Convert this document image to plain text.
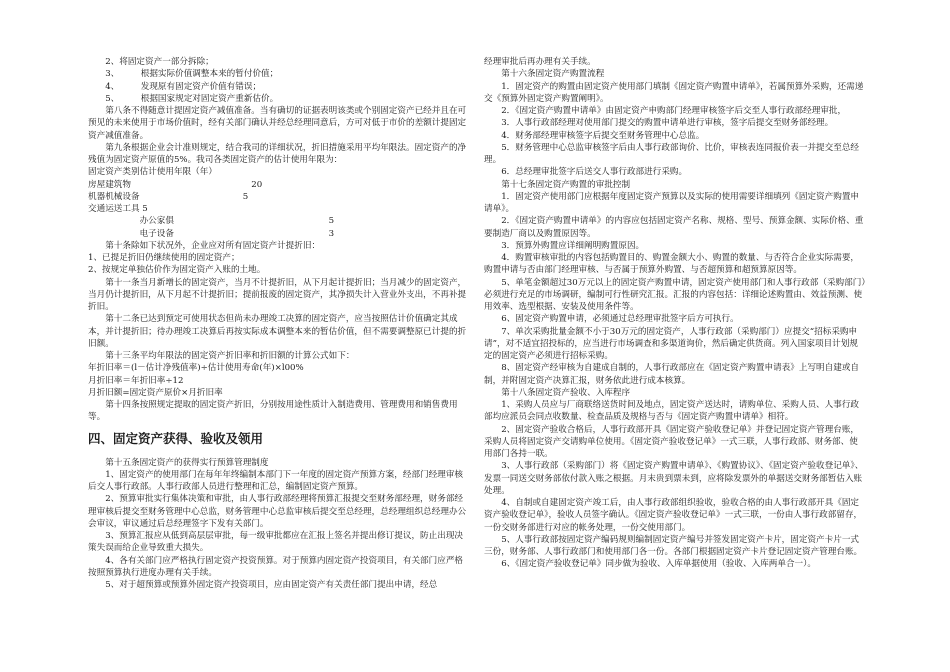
　　2、将固定资产一部分拆除；

　　3、　　　根据实际价值调整本来的暂付价值；

　　4、　　　发现原有固定资产价值有错误；

　　5、　　　根据国家规定对固定资产重新估价。

　　第八条不得随意计提固定资产减值准备。当有确切的证据表明该类或个别固定资产已经并且在可预见的未来使用于市场价值时，经有关部门确认并经总经理同意后，方可对低于市价的差额计提固定资产减值准备。

　　第九条根据企业会计准则规定，结合我司的详细状况，折旧措施采用平均年限法。固定资产的净残值为固定资产原值的5%。我司各类固定资产的估计使用年限为：

固定资产类别估计使用年限（年）

房屋建筑物　　　　　　　　　　　　　　20

机器机械设备　　　　　　　　　　　　5

交通运送工具 5

　　　　　　办公家俱　　　　　　　　　　　　　　　　　　5

　　　　　　电子设备　　　　　　　　　　　　　　　　　　3

　　第十条除如下状况外，企业应对所有固定资产计提折旧：

1、已提足折旧仍继续使用的固定资产；

2、按规定单独估价作为固定资产入账的土地。

　　第十一条当月新增长的固定资产，当月不计提折旧，从下月起计提折旧；当月减少的固定资产，当月仍计提折旧，从下月起不计提折旧；提前报废的固定资产，其净损失计入营业外支出，不再补提折旧。

　　第十二条已达到预定可使用状态但尚未办理竣工决算的固定资产，应当按照估计价值确定其成本，并计提折旧；待办理竣工决算后再按实际成本调整本来的暂估价值，但不需要调整原已计提的折旧额。

　　第十三条平均年限法的固定资产折旧率和折旧额的计算公式如下：

年折旧率＝(l－估计净残值率)÷估计使用寿命(年)×l00%

月折旧率＝年折旧率÷12

月折旧额=固定资产原价×月折旧率

　　第十四条按照规定提取的固定资产折旧，分别按用途性质计入制造费用、管理费用和销售费用等。

四、固定资产获得、验收及领用

　　第十五条固定资产的获得实行预算管理制度

　　1、固定资产的使用部门在每年年终编制本部门下一年度的固定资产预算方案，经部门经理审核后交人事行政部。人事行政部人员进行整理和汇总，编制固定资产预算。

　　2、预算审批实行集体决策和审批，由人事行政部经理将预算汇报提交至财务部经理，财务部经理审核后提交至财务管理中心总监，财务管理中心总监审核后提交至总经理，总经理组织总经理办公会审议，审议通过后总经理签字下发有关部门。

　　3、预算汇报应从低到高层层审批，每一级审批都应在汇报上签名并提出修订提议，防止出现决策失误而给企业导致重大损失。

　　4、各有关部门应严格执行固定资产投资预算。对于预算内固定资产投资项目，有关部门应严格按照预算执行进度办理有关手续。

　　5、对于超预算或预算外固定资产投资项目，应由固定资产有关责任部门提出申请，经总

经理审批后再办理有关手续。

　　第十六条固定资产购置流程

　　1．固定资产的购置由固定资产使用部门填制《固定资产购置申请单》，若属预算外采购，还需递交《预算外固定资产购置阐明》。

　　2．《固定资产购置申请单》由固定资产申购部门经理审核签字后交至人事行政部经理审批，

　　3．人事行政部经理对使用部门提交的购置申请单进行审核，签字后提交至财务部经理。

　　4．财务部经理审核签字后提交至财务管理中心总监。

　　5．财务管理中心总监审核签字后由人事行政部询价、比价，审核表连同报价表一并提交至总经理。

　　6．总经理审批签字后送交人事行政部进行采购。

　　第十七条固定资产购置的审批控制

　　1．固定资产使用部门应根据年度固定资产预算以及实际的使用需要详细填列《固定资产购置申请单》。

　　2．《固定资产购置申请单》的内容应包括固定资产名称、规格、型号、预算金额、实际价格、重要制造厂商以及购置原因等。

　　3．预算外购置应详细阐明购置原因。

　　4．购置审核审批的内容包括购置目的、购置金额大小、购置的数量、与否符合企业实际需要，购置申请与否由部门经理审核、与否属于预算外购置、与否超预算和超预算原因等。

　　5、单笔金额超过30万元以上的固定资产购置申请，固定资产使用部门和人事行政部（采购部门）必须进行充足的市场调研，编制可行性研究汇报。汇报的内容包括：详细论述购置由、效益预测、使用效率、选型根据、安装及使用条件等。

　　6、固定资产购置申请，必须通过总经理审批签字后方可执行。

　　7、单次采购批量金额不小于30万元的固定资产，人事行政部（采购部门）应提交“招标采购申请”，对不适宜招投标的，应当进行市场调查和多渠道询价，然后确定供货商。列入国家项目计划规定的固定资产必须进行招标采购。

　　8、固定资产经审核为自建成自制的，人事行政部应在《固定资产购置申请表》上写明自建或自制，并附固定资产决算汇报，财务依此进行成本核算。

　　第十八条固定资产验收、入库程序

　　1、采购人员应与厂商联络送货时间及地点，固定资产送达时，请购单位、采购人员、人事行政部均应派员会同点收数量、检查品质及规格与否与《固定资产购置申请单》相符。

　　2、固定资产验收合格后，人事行政部开具《固定资产验收登记单》并登记固定资产管理台账，采购人员将固定资产交请购单位使用。《固定资产验收登记单》一式三联，人事行政部、财务部、使用部门各持一联。

　　3、人事行政部（采购部门）将《固定资产购置申请单》、《购置协议》、《固定资产验收登记单》、发票一同送交财务部依付款入账之根据。月末贵到票未到，应将除发票外的单据送交财务部暂估入账处理。

　　4、自制或自建固定资产竣工后，由人事行政部组织验收，验收合格的由人事行政部开具《固定资产验收登记单》，验收人员签字确认。《固定资产验收登记单》一式三联，一份由人事行政部留存，一份交财务部进行对应的帐务处理，一份交使用部门。

　　5、人事行政部按固定资产编码规则编制固定资产编号并签发固定资产卡片，固定资产卡片一式三份，财务部、人事行政部门和使用部门各一份。各部门根据固定资产卡片登记固定资产管理台账。

　　6、《固定资产验收登记单》同步做为验收、入库单据使用（验收、入库两单合一）。
